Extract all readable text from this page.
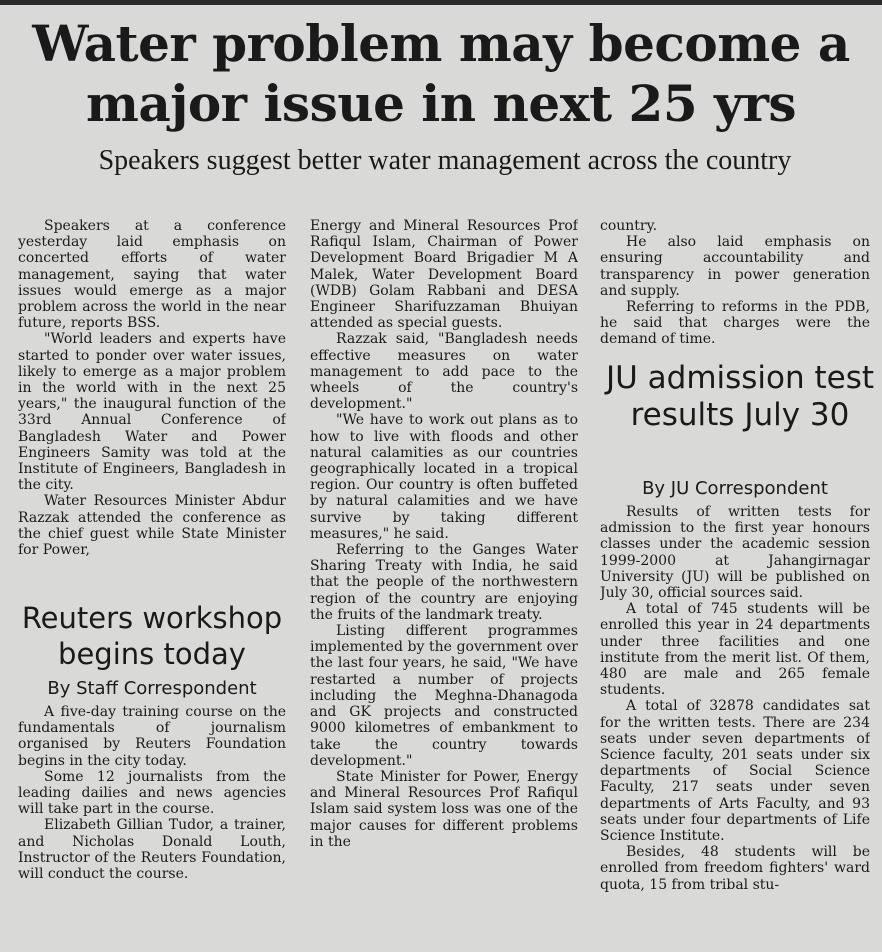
Water problem may become a major issue in next 25 yrs
Speakers suggest better water management across the country

Speakers at a conference yesterday laid emphasis on concerted efforts of water management, saying that water issues would emerge as a major problem across the world in the near future, reports BSS.

"World leaders and experts have started to ponder over water issues, likely to emerge as a major problem in the world with in the next 25 years," the inaugural function of the 33rd Annual Conference of Bangladesh Water and Power Engineers Samity was told at the Institute of Engineers, Bangladesh in the city.

Water Resources Minister Abdur Razzak attended the conference as the chief guest while State Minister for Power,

Energy and Mineral Resources Prof Rafiqul Islam, Chairman of Power Development Board Brigadier M A Malek, Water Development Board (WDB) Golam Rabbani and DESA Engineer Sharifuzzaman Bhuiyan attended as special guests.

Razzak said, "Bangladesh needs effective measures on water management to add pace to the wheels of the country's development."

"We have to work out plans as to how to live with floods and other natural calamities as our countries geographically located in a tropical region. Our country is often buffeted by natural calamities and we have survive by taking different measures," he said.

Referring to the Ganges Water Sharing Treaty with India, he said that the people of the northwestern region of the country are enjoying the fruits of the landmark treaty.

Listing different programmes implemented by the government over the last four years, he said, "We have restarted a number of projects including the Meghna-Dhanagoda and GK projects and constructed 9000 kilometres of embankment to take the country towards development."

State Minister for Power, Energy and Mineral Resources Prof Rafiqul Islam said system loss was one of the major causes for different problems in the

country.

He also laid emphasis on ensuring accountability and transparency in power generation and supply.

Referring to reforms in the PDB, he said that charges were the demand of time.

Reuters workshop begins today
By Staff Correspondent

A five-day training course on the fundamentals of journalism organised by Reuters Foundation begins in the city today.

Some 12 journalists from the leading dailies and news agencies will take part in the course.

Elizabeth Gillian Tudor, a trainer, and Nicholas Donald Louth, Instructor of the Reuters Foundation, will conduct the course.

JU admission test results July 30
By JU Correspondent

Results of written tests for admission to the first year honours classes under the academic session 1999-2000 at Jahangirnagar University (JU) will be published on July 30, official sources said.

A total of 745 students will be enrolled this year in 24 departments under three facilities and one institute from the merit list. Of them, 480 are male and 265 female students.

A total of 32878 candidates sat for the written tests. There are 234 seats under seven departments of Science faculty, 201 seats under six departments of Social Science Faculty, 217 seats under seven departments of Arts Faculty, and 93 seats under four departments of Life Science Institute.

Besides, 48 students will be enrolled from freedom fighters' ward quota, 15 from tribal stu-
